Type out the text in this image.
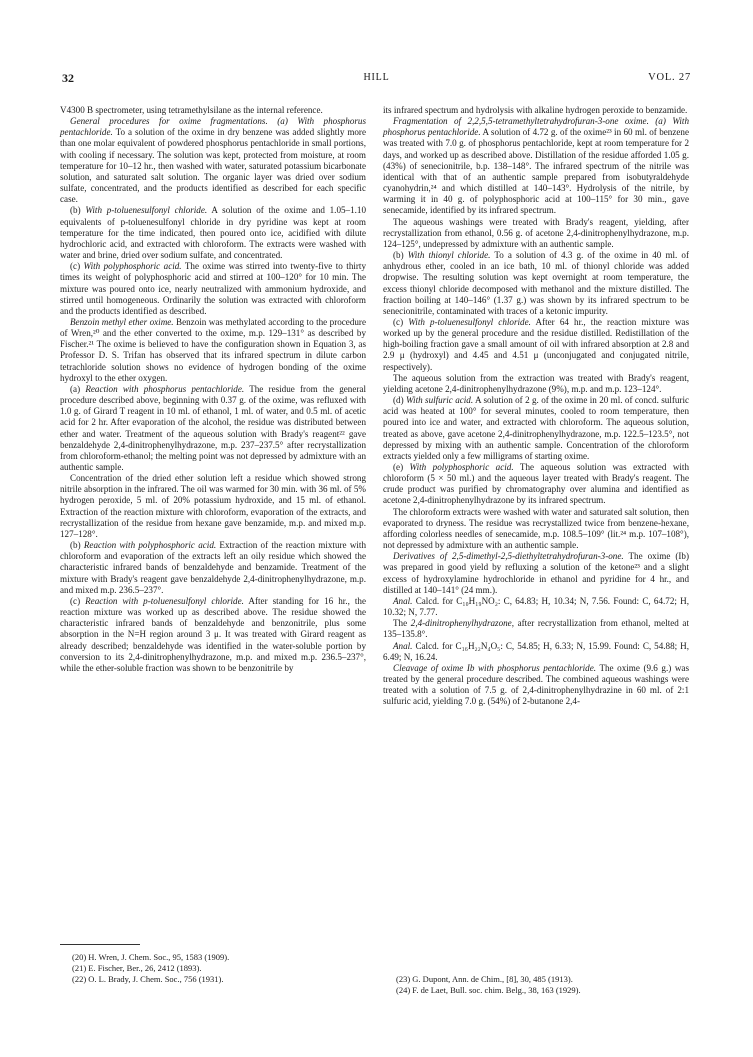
32	HILL	VOL. 27

V4300 B spectrometer, using tetramethylsilane as the internal reference.

General procedures for oxime fragmentations. (a) With phosphorus pentachloride. To a solution of the oxime in dry benzene was added slightly more than one molar equivalent of powdered phosphorus pentachloride in small portions, with cooling if necessary. The solution was kept, protected from moisture, at room temperature for 10–12 hr., then washed with water, saturated potassium bicarbonate solution, and saturated salt solution. The organic layer was dried over sodium sulfate, concentrated, and the products identified as described for each specific case.

(b) With p-toluenesulfonyl chloride. A solution of the oxime and 1.05–1.10 equivalents of p-toluenesulfonyl chloride in dry pyridine was kept at room temperature for the time indicated, then poured onto ice, acidified with dilute hydrochloric acid, and extracted with chloroform. The extracts were washed with water and brine, dried over sodium sulfate, and concentrated.

(c) With polyphosphoric acid. The oxime was stirred into twenty-five to thirty times its weight of polyphosphoric acid and stirred at 100–120° for 10 min. The mixture was poured onto ice, nearly neutralized with ammonium hydroxide, and stirred until homogeneous. Ordinarily the solution was extracted with chloroform and the products identified as described.

Benzoin methyl ether oxime. Benzoin was methylated according to the procedure of Wren,²⁰ and the ether converted to the oxime, m.p. 129–131° as described by Fischer.²¹ The oxime is believed to have the configuration shown in Equation 3, as Professor D. S. Trifan has observed that its infrared spectrum in dilute carbon tetrachloride solution shows no evidence of hydrogen bonding of the oxime hydroxyl to the ether oxygen.

(a) Reaction with phosphorus pentachloride. The residue from the general procedure described above, beginning with 0.37 g. of the oxime, was refluxed with 1.0 g. of Girard T reagent in 10 ml. of ethanol, 1 ml. of water, and 0.5 ml. of acetic acid for 2 hr. After evaporation of the alcohol, the residue was distributed between ether and water. Treatment of the aqueous solution with Brady's reagent²² gave benzaldehyde 2,4-dinitrophenylhydrazone, m.p. 237–237.5° after recrystallization from chloroform-ethanol; the melting point was not depressed by admixture with an authentic sample.

Concentration of the dried ether solution left a residue which showed strong nitrile absorption in the infrared. The oil was warmed for 30 min. with 36 ml. of 5% hydrogen peroxide, 5 ml. of 20% potassium hydroxide, and 15 ml. of ethanol. Extraction of the reaction mixture with chloroform, evaporation of the extracts, and recrystallization of the residue from hexane gave benzamide, m.p. and mixed m.p. 127–128°.

(b) Reaction with polyphosphoric acid. Extraction of the reaction mixture with chloroform and evaporation of the extracts left an oily residue which showed the characteristic infrared bands of benzaldehyde and benzamide. Treatment of the mixture with Brady's reagent gave benzaldehyde 2,4-dinitrophenylhydrazone, m.p. and mixed m.p. 236.5–237°.

(c) Reaction with p-toluenesulfonyl chloride. After standing for 16 hr., the reaction mixture was worked up as described above. The residue showed the characteristic infrared bands of benzaldehyde and benzonitrile, plus some absorption in the N=H region around 3 μ. It was treated with Girard reagent as already described; benzaldehyde was identified in the water-soluble portion by conversion to its 2,4-dinitrophenylhydrazone, m.p. and mixed m.p. 236.5–237°, while the ether-soluble fraction was shown to be benzonitrile by

its infrared spectrum and hydrolysis with alkaline hydrogen peroxide to benzamide.

Fragmentation of 2,2,5,5-tetramethyltetrahydrofuran-3-one oxime. (a) With phosphorus pentachloride. A solution of 4.72 g. of the oxime²³ in 60 ml. of benzene was treated with 7.0 g. of phosphorus pentachloride, kept at room temperature for 2 days, and worked up as described above. Distillation of the residue afforded 1.05 g. (43%) of senecionitrile, b.p. 138–148°. The infrared spectrum of the nitrile was identical with that of an authentic sample prepared from isobutyraldehyde cyanohydrin,²⁴ and which distilled at 140–143°. Hydrolysis of the nitrile, by warming it in 40 g. of polyphosphoric acid at 100–115° for 30 min., gave senecamide, identified by its infrared spectrum.

The aqueous washings were treated with Brady's reagent, yielding, after recrystallization from ethanol, 0.56 g. of acetone 2,4-dinitrophenylhydrazone, m.p. 124–125°, undepressed by admixture with an authentic sample.

(b) With thionyl chloride. To a solution of 4.3 g. of the oxime in 40 ml. of anhydrous ether, cooled in an ice bath, 10 ml. of thionyl chloride was added dropwise. The resulting solution was kept overnight at room temperature, the excess thionyl chloride decomposed with methanol and the mixture distilled. The fraction boiling at 140–146° (1.37 g.) was shown by its infrared spectrum to be senecionitrile, contaminated with traces of a ketonic impurity.

(c) With p-toluenesulfonyl chloride. After 64 hr., the reaction mixture was worked up by the general procedure and the residue distilled. Redistillation of the high-boiling fraction gave a small amount of oil with infrared absorption at 2.8 and 2.9 μ (hydroxyl) and 4.45 and 4.51 μ (unconjugated and conjugated nitrile, respectively).

The aqueous solution from the extraction was treated with Brady's reagent, yielding acetone 2,4-dinitrophenylhydrazone (9%), m.p. and m.p. 123–124°.

(d) With sulfuric acid. A solution of 2 g. of the oxime in 20 ml. of concd. sulfuric acid was heated at 100° for several minutes, cooled to room temperature, then poured into ice and water, and extracted with chloroform. The aqueous solution, treated as above, gave acetone 2,4-dinitrophenylhydrazone, m.p. 122.5–123.5°, not depressed by mixing with an authentic sample. Concentration of the chloroform extracts yielded only a few milligrams of starting oxime.

(e) With polyphosphoric acid. The aqueous solution was extracted with chloroform (5 × 50 ml.) and the aqueous layer treated with Brady's reagent. The crude product was purified by chromatography over alumina and identified as acetone 2,4-dinitrophenylhydrazone by its infrared spectrum.

The chloroform extracts were washed with water and saturated salt solution, then evaporated to dryness. The residue was recrystallized twice from benzene-hexane, affording colorless needles of senecamide, m.p. 108.5–109° (lit.²⁴ m.p. 107–108°), not depressed by admixture with an authentic sample.

Derivatives of 2,5-dimethyl-2,5-diethyltetrahydrofuran-3-one. The oxime (Ib) was prepared in good yield by refluxing a solution of the ketone²³ and a slight excess of hydroxylamine hydrochloride in ethanol and pyridine for 4 hr., and distilled at 140–141° (24 mm.).

Anal. Calcd. for C₁₀H₁₉NO₂: C, 64.83; H, 10.34; N, 7.56. Found: C, 64.72; H, 10.32; N, 7.77.

The 2,4-dinitrophenylhydrazone, after recrystallization from ethanol, melted at 135–135.8°.

Anal. Calcd. for C₁₆H₂₂N₄O₅: C, 54.85; H, 6.33; N, 15.99. Found: C, 54.88; H, 6.49; N, 16.24.

Cleavage of oxime Ib with phosphorus pentachloride. The oxime (9.6 g.) was treated by the general procedure described. The combined aqueous washings were treated with a solution of 7.5 g. of 2,4-dinitrophenylhydrazine in 60 ml. of 2:1 sulfuric acid, yielding 7.0 g. (54%) of 2-butanone 2,4-

(20) H. Wren, J. Chem. Soc., 95, 1583 (1909).
(21) E. Fischer, Ber., 26, 2412 (1893).
(22) O. L. Brady, J. Chem. Soc., 756 (1931).	(23) G. Dupont, Ann. de Chim., [8], 30, 485 (1913).
(24) F. de Laet, Bull. soc. chim. Belg., 38, 163 (1929).
